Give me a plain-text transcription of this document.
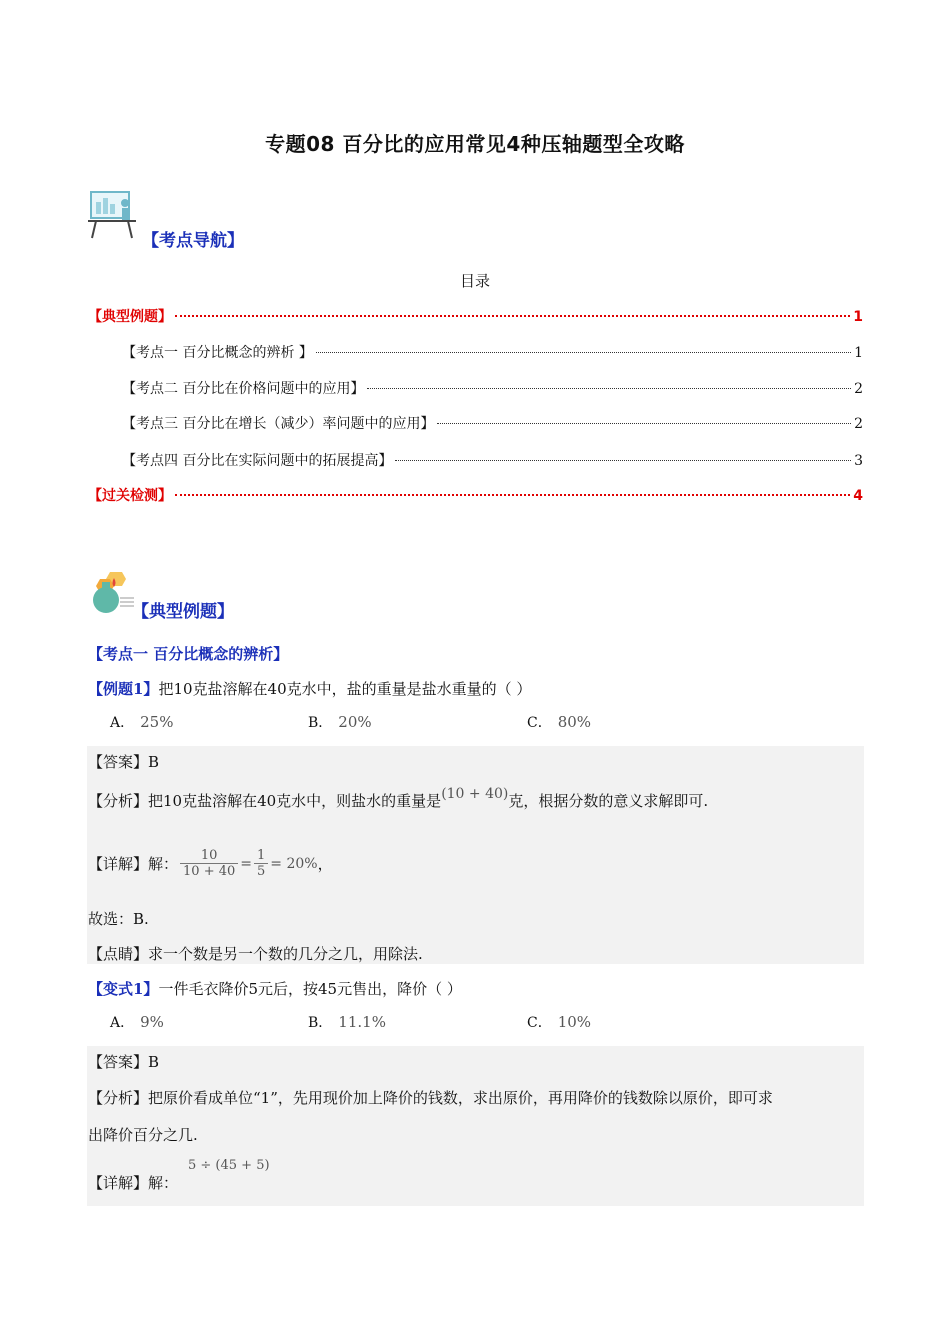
专题08 百分比的应用常见4种压轴题型全攻略
【考点导航】
目录
【典型例题】	1
【考点一 百分比概念的辨析 】	1
【考点二 百分比在价格问题中的应用】	2
【考点三 百分比在增长（减少）率问题中的应用】	2
【考点四 百分比在实际问题中的拓展提高】	3
【过关检测】	4
【典型例题】
【考点一 百分比概念的辨析】
【例题1】把10克盐溶解在40克水中，盐的重量是盐水重量的（ ）
A． 25%	B． 20%	C． 80%
【答案】B
【分析】把10克盐溶解在40克水中，则盐水的重量是(10 + 40)克，根据分数的意义求解即可.
【详解】解： $\frac{10}{10 + 40} = \frac{1}{5} = 20\%$ ，
故选：B.
【点睛】求一个数是另一个数的几分之几，用除法.
【变式1】一件毛衣降价5元后，按45元售出，降价（ ）
A． 9%	B． 11.1%	C． 10%
【答案】B
【分析】把原价看成单位“1”，先用现价加上降价的钱数，求出原价，再用降价的钱数除以原价，即可求
出降价百分之几.
5 ÷ (45 + 5)
【详解】解：
